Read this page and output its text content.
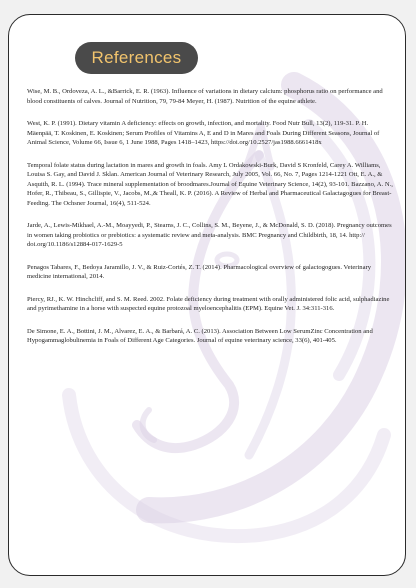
References
Wise, M. B., Ordoveza, A. L., &Barrick, E. R. (1963). Influence of variations in dietary calcium: phosphorus ratio on performance and blood constituents of calves. Journal of Nutrition, 79, 79-84 Meyer, H. (1987). Nutrition of the equine athlete.
West, K. P. (1991). Dietary vitamin A deficiency: effects on growth, infection, and mortality. Food Nutr Bull, 13(2), 119-31. P. H. Mäenpää, T. Koskinen, E. Koskinen; Serum Profiles of Vitamins A, E and D in Mares and Foals During Different Seasons, Journal of Animal Science, Volume 66, Issue 6, 1 June 1988, Pages 1418–1423, https://doi.org/10.2527/jas1988.6661418x
Temporal folate status during lactation in mares and growth in foals. Amy L Ordakowski-Burk, David S Kronfeld, Carey A. Williams, Louisa S. Gay, and David J. Sklan. American Journal of Veterinary Research, July 2005, Vol. 66, No. 7, Pages 1214-1221 Ott, E. A., & Asquith, R. L. (1994). Trace mineral supplementation of broodmares.Journal of Equine Veterinary Science, 14(2), 93-101. Bazzano, A. N., Hofer, R., Thibeau, S., Gillispie, V., Jacobs, M.,& Theall, K. P. (2016). A Review of Herbal and Pharmaceutical Galactagogues for Breast-Feeding. The Ochsner Journal, 16(4), 511-524.
Jarde, A., Lewis-Mikhael, A.-M., Moayyedi, P., Stearns, J. C., Collins, S. M., Beyene, J., & McDonald, S. D. (2018). Pregnancy outcomes in women taking probiotics or prebiotics: a systematic review and meta-analysis. BMC Pregnancy and Childbirth, 18, 14. http:// doi.org/10.1186/s12884-017-1629-5
Penagos Tabares, F., Bedoya Jaramillo, J. V., & Ruiz-Cortés, Z. T. (2014). Pharmacological overview of galactogogues. Veterinary medicine international, 2014.
Piercy, RJ., K. W. Hinchcliff, and S. M. Reed. 2002. Folate deficiency during treatment with orally administered folic acid, sulphadiazine and pyrimethamine in a horse with suspected equine protozoal myeloencephalitis (EPM). Equine Vet. J. 34:311-316.
De Simone, E. A., Bottini, J. M., Alvarez, E. A., & Barbará, A. C. (2013). Association Between Low SerumZinc Concentration and Hypogammaglobulinemia in Foals of Different Age Categories. Journal of equine veterinary science, 33(6), 401-405.
